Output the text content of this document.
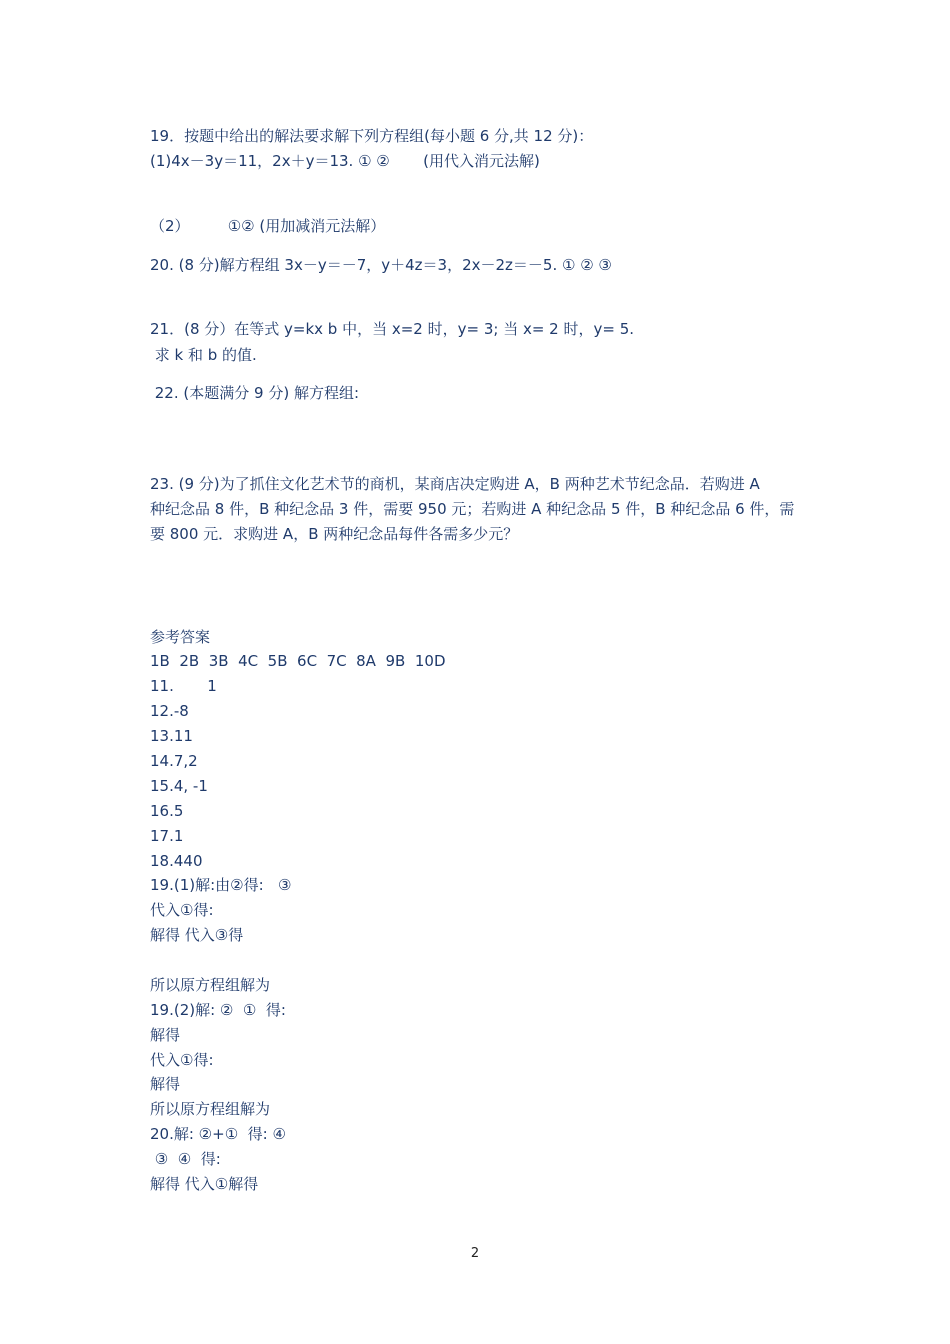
19．按题中给出的解法要求解下列方程组(每小题 6 分,共 12 分)：
(1)4x－3y＝11，2x＋y＝13. ① ②       (用代入消元法解)
（2）        ①② (用加减消元法解）
20. (8 分)解方程组 3x－y＝－7，y＋4z＝3，2x－2z＝－5. ① ② ③
21．(8 分）在等式 y=kx b 中，当 x=2 时，y= 3; 当 x= 2 时，y= 5.
求 k 和 b 的值.
22. (本题满分 9 分) 解方程组:
23. (9 分)为了抓住文化艺术节的商机，某商店决定购进 A，B 两种艺术节纪念品．若购进 A
种纪念品 8 件，B 种纪念品 3 件，需要 950 元；若购进 A 种纪念品 5 件，B 种纪念品 6 件，需
要 800 元．求购进 A，B 两种纪念品每件各需多少元？
参考答案
1B  2B  3B  4C  5B  6C  7C  8A  9B  10D
11.       1
12.-8
13.11
14.7,2
15.4, -1
16.5
17.1
18.440
19.(1)解:由②得:   ③
代入①得:
解得 代入③得
所以原方程组解为
19.(2)解: ②  ①  得:
解得
代入①得:
解得
所以原方程组解为
20.解: ②+①  得: ④
③  ④  得:
解得 代入①解得
2
